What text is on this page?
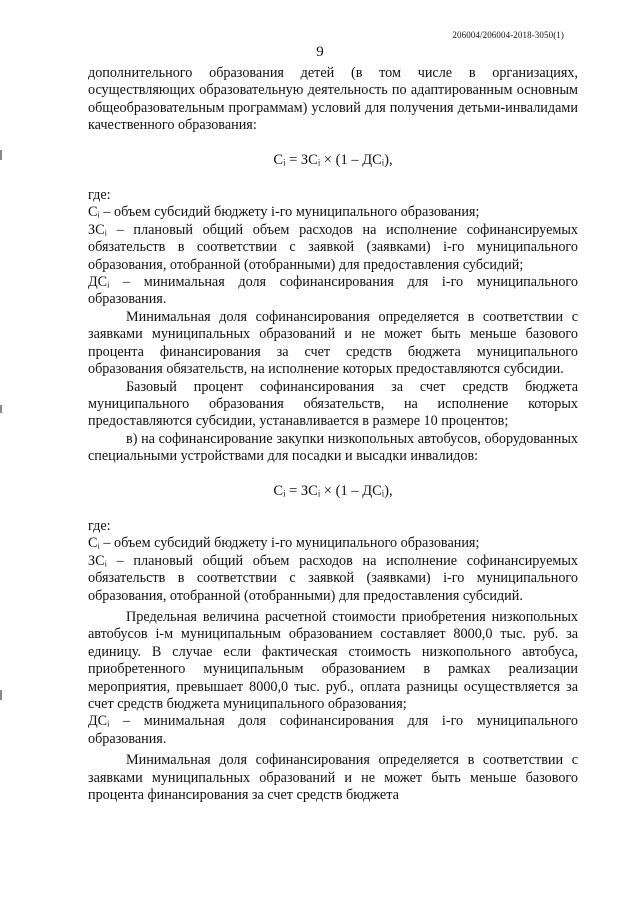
206004/206004-2018-3050(1)
9

дополнительного образования детей (в том числе в организациях, осуществляющих образовательную деятельность по адаптированным основным общеобразовательным программам) условий для получения детьми-инвалидами качественного образования:

Сᵢ = ЗСᵢ × (1 – ДСᵢ),

где:

Сᵢ – объем субсидий бюджету i-го муниципального образования;

ЗСᵢ – плановый общий объем расходов на исполнение софинансируемых обязательств в соответствии с заявкой (заявками) i-го муниципального образования, отобранной (отобранными) для предоставления субсидий;

ДСᵢ – минимальная доля софинансирования для i-го муниципального образования.

Минимальная доля софинансирования определяется в соответствии с заявками муниципальных образований и не может быть меньше базового процента финансирования за счет средств бюджета муниципального образования обязательств, на исполнение которых предоставляются субсидии.

Базовый процент софинансирования за счет средств бюджета муниципального образования обязательств, на исполнение которых предоставляются субсидии, устанавливается в размере 10 процентов;

в) на софинансирование закупки низкопольных автобусов, оборудованных специальными устройствами для посадки и высадки инвалидов:

Сᵢ = ЗСᵢ × (1 – ДСᵢ),

где:

Сᵢ – объем субсидий бюджету i-го муниципального образования;

ЗСᵢ – плановый общий объем расходов на исполнение софинансируемых обязательств в соответствии с заявкой (заявками) i-го муниципального образования, отобранной (отобранными) для предоставления субсидий.

Предельная величина расчетной стоимости приобретения низкопольных автобусов i-м муниципальным образованием составляет 8000,0 тыс. руб. за единицу. В случае если фактическая стоимость низкопольного автобуса, приобретенного муниципальным образованием в рамках реализации мероприятия, превышает 8000,0 тыс. руб., оплата разницы осуществляется за счет средств бюджета муниципального образования;

ДСᵢ – минимальная доля софинансирования для i-го муниципального образования.

Минимальная доля софинансирования определяется в соответствии с заявками муниципальных образований и не может быть меньше базового процента финансирования за счет средств бюджета
